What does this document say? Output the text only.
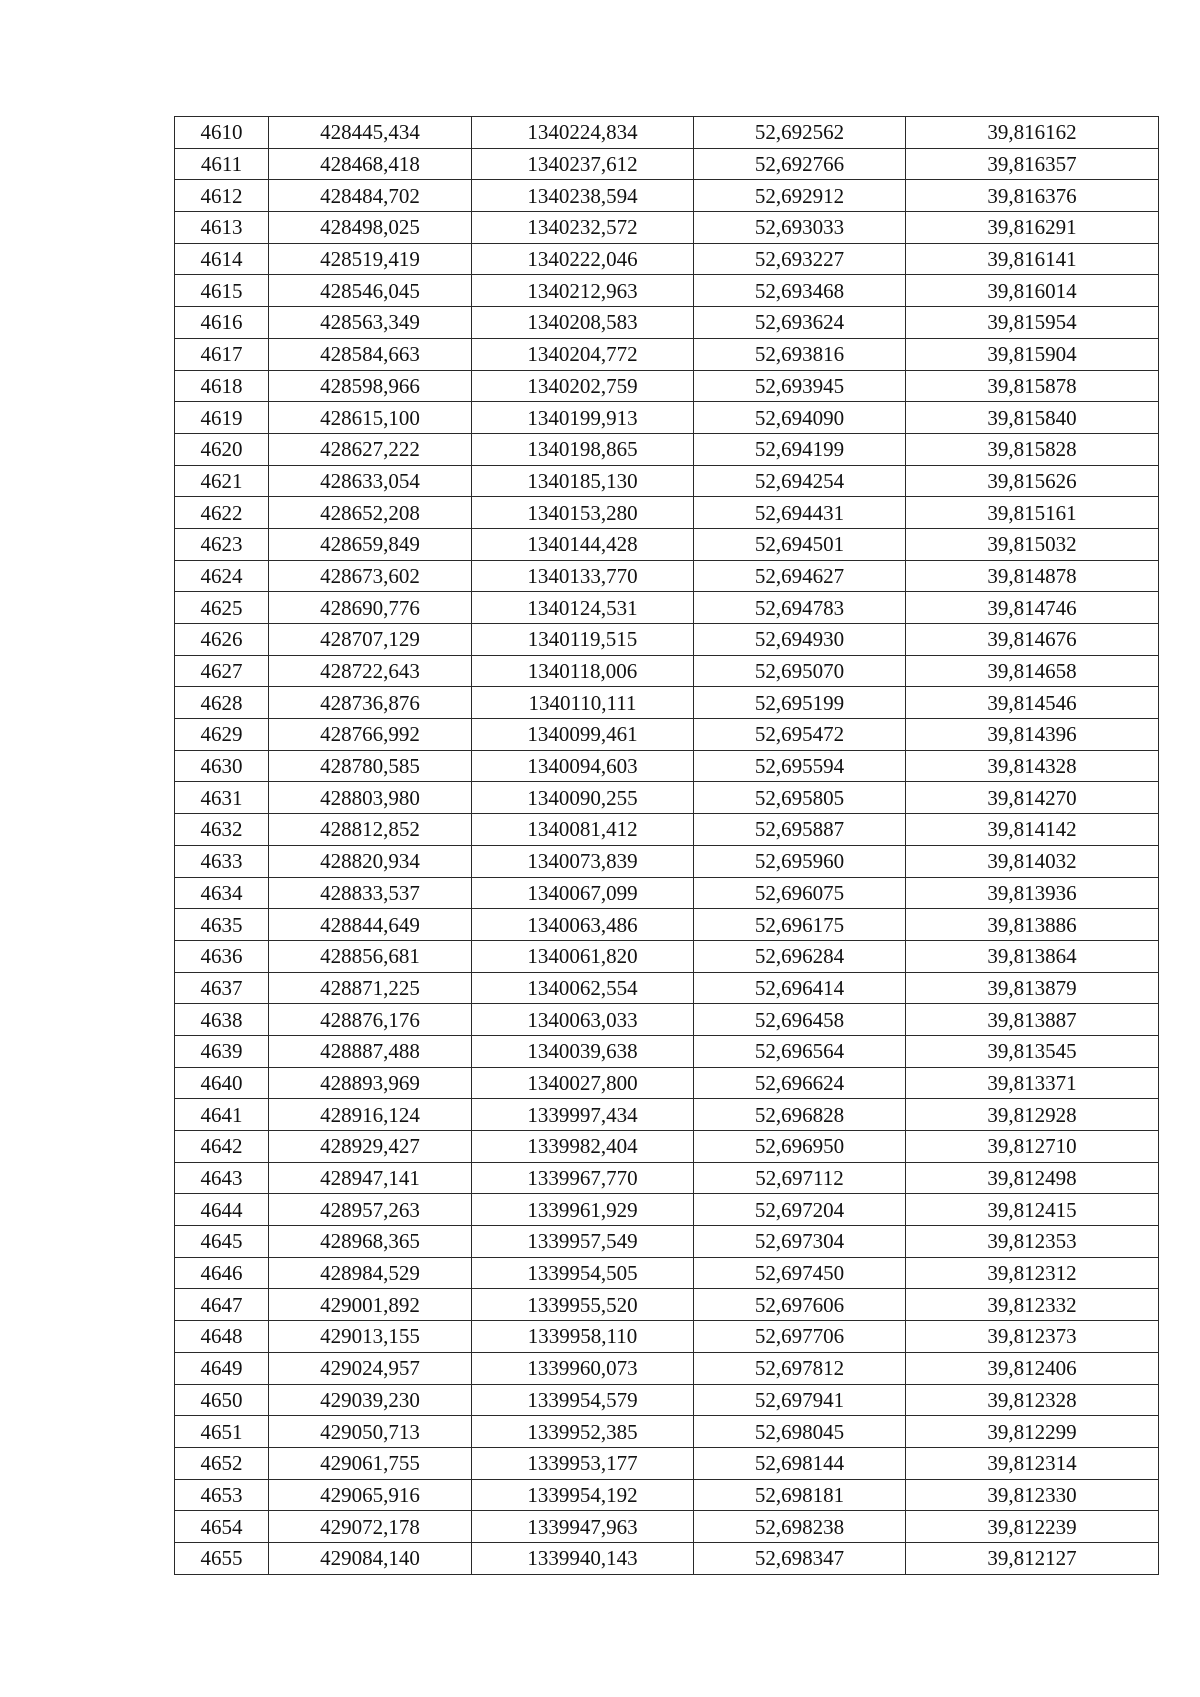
4610	428445,434	1340224,834	52,692562	39,816162
4611	428468,418	1340237,612	52,692766	39,816357
4612	428484,702	1340238,594	52,692912	39,816376
4613	428498,025	1340232,572	52,693033	39,816291
4614	428519,419	1340222,046	52,693227	39,816141
4615	428546,045	1340212,963	52,693468	39,816014
4616	428563,349	1340208,583	52,693624	39,815954
4617	428584,663	1340204,772	52,693816	39,815904
4618	428598,966	1340202,759	52,693945	39,815878
4619	428615,100	1340199,913	52,694090	39,815840
4620	428627,222	1340198,865	52,694199	39,815828
4621	428633,054	1340185,130	52,694254	39,815626
4622	428652,208	1340153,280	52,694431	39,815161
4623	428659,849	1340144,428	52,694501	39,815032
4624	428673,602	1340133,770	52,694627	39,814878
4625	428690,776	1340124,531	52,694783	39,814746
4626	428707,129	1340119,515	52,694930	39,814676
4627	428722,643	1340118,006	52,695070	39,814658
4628	428736,876	1340110,111	52,695199	39,814546
4629	428766,992	1340099,461	52,695472	39,814396
4630	428780,585	1340094,603	52,695594	39,814328
4631	428803,980	1340090,255	52,695805	39,814270
4632	428812,852	1340081,412	52,695887	39,814142
4633	428820,934	1340073,839	52,695960	39,814032
4634	428833,537	1340067,099	52,696075	39,813936
4635	428844,649	1340063,486	52,696175	39,813886
4636	428856,681	1340061,820	52,696284	39,813864
4637	428871,225	1340062,554	52,696414	39,813879
4638	428876,176	1340063,033	52,696458	39,813887
4639	428887,488	1340039,638	52,696564	39,813545
4640	428893,969	1340027,800	52,696624	39,813371
4641	428916,124	1339997,434	52,696828	39,812928
4642	428929,427	1339982,404	52,696950	39,812710
4643	428947,141	1339967,770	52,697112	39,812498
4644	428957,263	1339961,929	52,697204	39,812415
4645	428968,365	1339957,549	52,697304	39,812353
4646	428984,529	1339954,505	52,697450	39,812312
4647	429001,892	1339955,520	52,697606	39,812332
4648	429013,155	1339958,110	52,697706	39,812373
4649	429024,957	1339960,073	52,697812	39,812406
4650	429039,230	1339954,579	52,697941	39,812328
4651	429050,713	1339952,385	52,698045	39,812299
4652	429061,755	1339953,177	52,698144	39,812314
4653	429065,916	1339954,192	52,698181	39,812330
4654	429072,178	1339947,963	52,698238	39,812239
4655	429084,140	1339940,143	52,698347	39,812127
